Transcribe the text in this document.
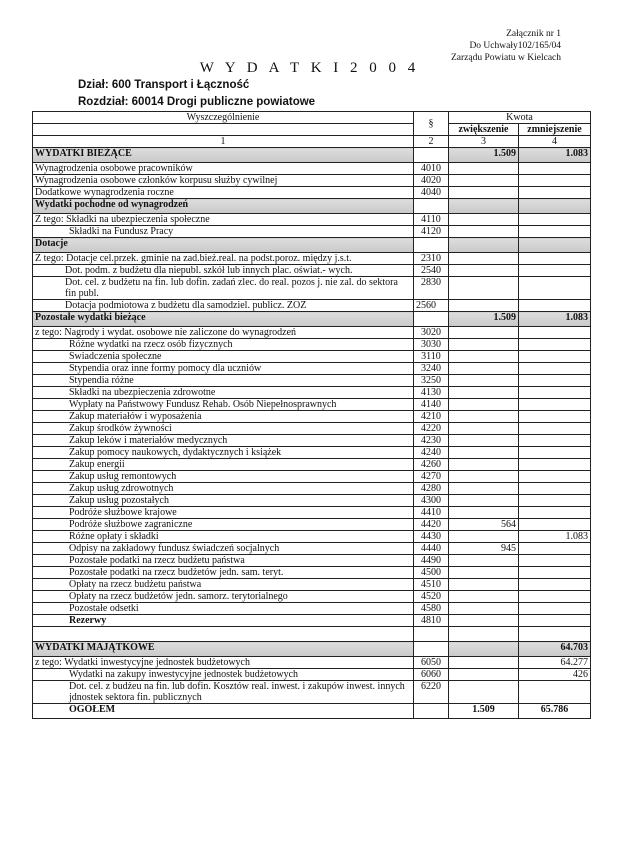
Załącznik nr 1
Do Uchwały102/165/04
Zarządu Powiatu w Kielcach
W Y D A T K I 2 0 0 4
Dział: 600 Transport i Łączność
Rozdział: 60014 Drogi publiczne powiatowe
Wyszczególnienie	§	Kwota	
		zwiększenie	zmniejszenie
1	2	3	4
WYDATKI BIEŻĄCE		1.509	1.083
Wynagrodzenia osobowe pracowników	4010		
Wynagrodzenia osobowe członków korpusu służby cywilnej	4020		
Dodatkowe wynagrodzenia roczne	4040		
Wydatki pochodne od wynagrodzeń			
Z tego: Składki na ubezpieczenia społeczne	4110		
Składki na Fundusz Pracy	4120		
Dotacje			
Z tego: Dotacje cel.przek. gminie na zad.bież.real. na podst.poroz. między j.s.t.	2310		
Dot. podm. z budżetu dla niepubl. szkół lub innych plac. oświat.- wych.	2540		
Dot. cel. z budżetu na fin. lub dofin. zadań zlec. do real. pozos j. nie zal. do sektora fin publ.	2830		
Dotacja podmiotowa z budżetu dla samodziel. publicz. ZOZ	2560		
Pozostałe wydatki bieżące		1.509	1.083
z tego: Nagrody i wydat. osobowe nie zaliczone do wynagrodzeń	3020		
Różne wydatki na rzecz osób fizycznych	3030		
Świadczenia społeczne	3110		
Stypendia oraz inne formy pomocy dla uczniów	3240		
Stypendia różne	3250		
Składki na ubezpieczenia zdrowotne	4130		
Wypłaty na Państwowy Fundusz Rehab. Osób Niepełnosprawnych	4140		
Zakup materiałów i wyposażenia	4210		
Zakup środków żywności	4220		
Zakup leków i materiałów medycznych	4230		
Zakup pomocy naukowych, dydaktycznych i książek	4240		
Zakup energii	4260		
Zakup usług remontowych	4270		
Zakup usług zdrowotnych	4280		
Zakup usług pozostałych	4300		
Podróże służbowe krajowe	4410		
Podróże służbowe zagraniczne	4420	564	
Różne opłaty i składki	4430		1.083
Odpisy na zakładowy fundusz świadczeń socjalnych	4440	945	
Pozostałe podatki na rzecz budżetu państwa	4490		
Pozostałe podatki na rzecz budżetów jedn. sam. teryt.	4500		
Opłaty na rzecz budżetu państwa	4510		
Opłaty na rzecz budżetów jedn. samorz. terytorialnego	4520		
Pozostałe odsetki	4580		
Rezerwy	4810		

WYDATKI MAJĄTKOWE			64.703
z tego: Wydatki inwestycyjne jednostek budżetowych	6050		64.277
Wydatki na zakupy inwestycyjne jednostek budżetowych	6060		426
Dot. cel. z budżeu na fin. lub dofin. Kosztów real. inwest. i zakupów inwest. innych jdnostek sektora fin. publicznych	6220		
OGÓŁEM		1.509	65.786
